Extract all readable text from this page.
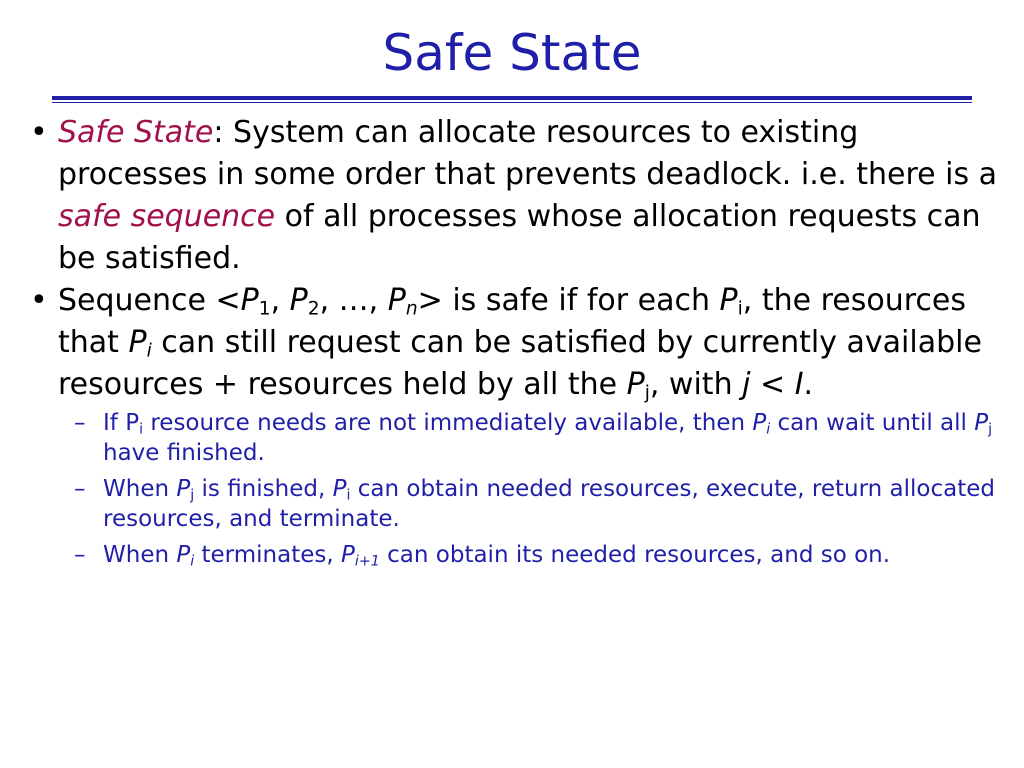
Safe State
• Safe State: System can allocate resources to existing processes in some order that prevents deadlock. i.e. there is a safe sequence of all processes whose allocation requests can be satisfied.
• Sequence $<P_1$, $P_2$, …, $P_n>$ is safe if for each $P_i$, the resources that $P_i$ can still request can be satisfied by currently available resources + resources held by all the $P_j$, with j < I.
– If $P_i$ resource needs are not immediately available, then $P_i$ can wait until all $P_j$ have finished.
– When $P_j$ is finished, $P_i$ can obtain needed resources, execute, return allocated resources, and terminate.
– When $P_i$ terminates, $P_{i+1}$ can obtain its needed resources, and so on.
